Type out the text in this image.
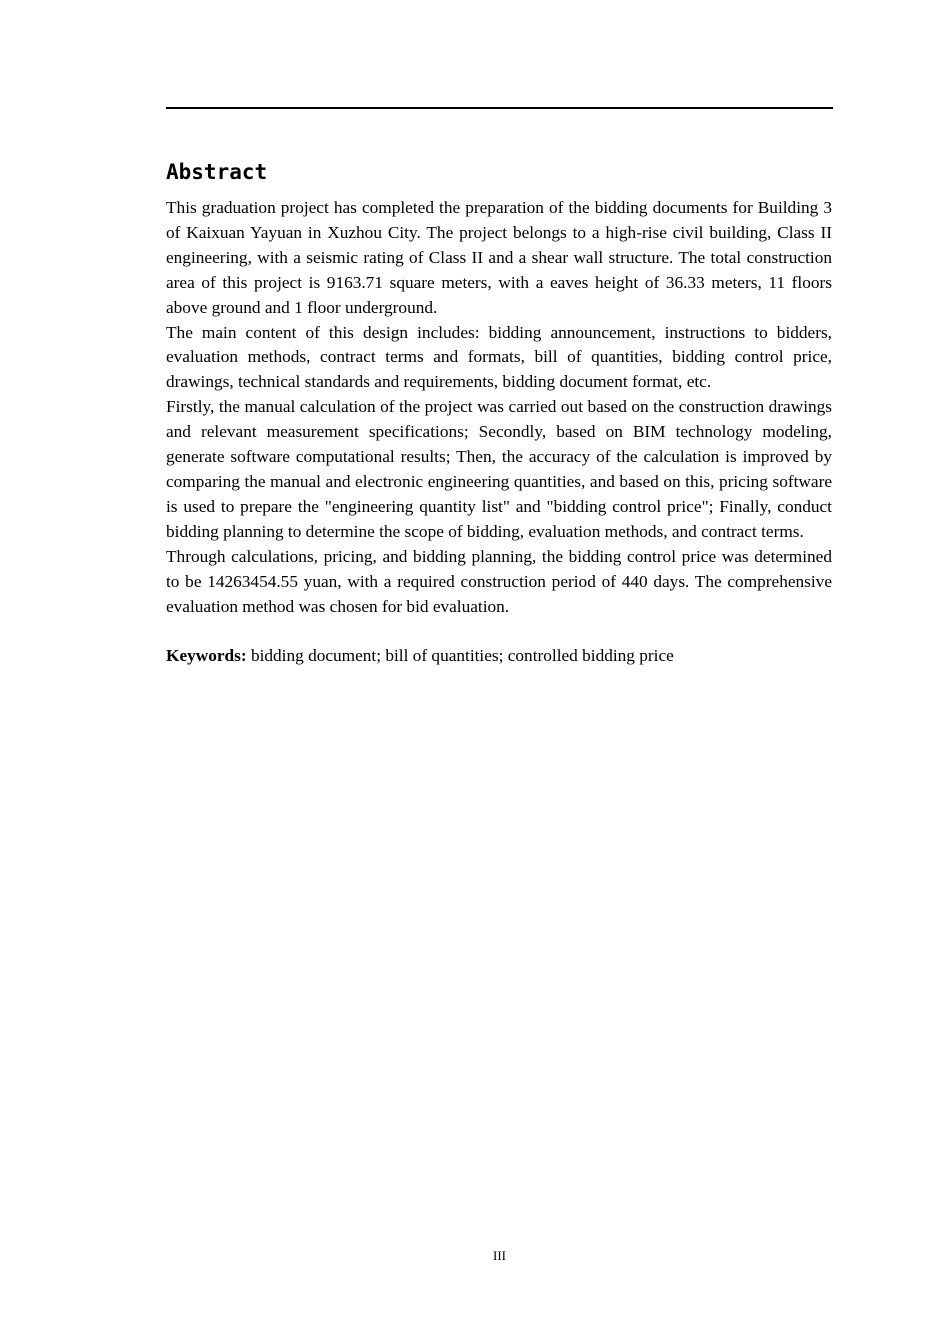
Abstract

This graduation project has completed the preparation of the bidding documents for Building 3 of Kaixuan Yayuan in Xuzhou City. The project belongs to a high-rise civil building, Class II engineering, with a seismic rating of Class II and a shear wall structure. The total construction area of this project is 9163.71 square meters, with a eaves height of 36.33 meters, 11 floors above ground and 1 floor underground.

The main content of this design includes: bidding announcement, instructions to bidders, evaluation methods, contract terms and formats, bill of quantities, bidding control price, drawings, technical standards and requirements, bidding document format, etc.

Firstly, the manual calculation of the project was carried out based on the construction drawings and relevant measurement specifications; Secondly, based on BIM technology modeling, generate software computational results; Then, the accuracy of the calculation is improved by comparing the manual and electronic engineering quantities, and based on this, pricing software is used to prepare the "engineering quantity list" and "bidding control price"; Finally, conduct bidding planning to determine the scope of bidding, evaluation methods, and contract terms.

Through calculations, pricing, and bidding planning, the bidding control price was determined to be 14263454.55 yuan, with a required construction period of 440 days. The comprehensive evaluation method was chosen for bid evaluation.

Keywords: bidding document; bill of quantities; controlled bidding price

III
